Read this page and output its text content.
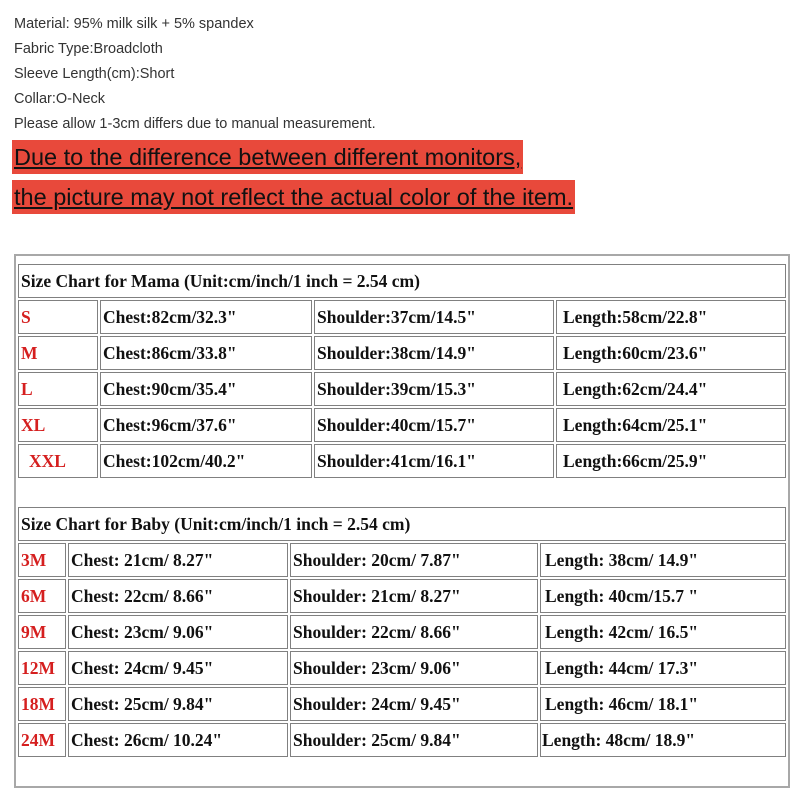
Material: 95% milk silk + 5% spandex
Fabric Type:Broadcloth
Sleeve Length(cm):Short
Collar:O-Neck
Please allow 1-3cm differs due to manual measurement.
Due to the difference between different monitors,
the picture may not reflect the actual color of the item.
Size Chart for Mama (Unit:cm/inch/1 inch = 2.54 cm)			
S	Chest:82cm/32.3"	Shoulder:37cm/14.5"	Length:58cm/22.8"
M	Chest:86cm/33.8"	Shoulder:38cm/14.9"	Length:60cm/23.6"
L	Chest:90cm/35.4"	Shoulder:39cm/15.3"	Length:62cm/24.4"
XL	Chest:96cm/37.6"	Shoulder:40cm/15.7"	Length:64cm/25.1"
XXL	Chest:102cm/40.2"	Shoulder:41cm/16.1"	Length:66cm/25.9"
Size Chart for Baby (Unit:cm/inch/1 inch = 2.54 cm)			
3M	Chest: 21cm/ 8.27"	Shoulder: 20cm/ 7.87"	Length: 38cm/ 14.9"
6M	Chest: 22cm/ 8.66"	Shoulder: 21cm/ 8.27"	Length: 40cm/15.7 "
9M	Chest: 23cm/ 9.06"	Shoulder: 22cm/ 8.66"	Length: 42cm/ 16.5"
12M	Chest: 24cm/ 9.45"	Shoulder: 23cm/ 9.06"	Length: 44cm/ 17.3"
18M	Chest: 25cm/ 9.84"	Shoulder: 24cm/ 9.45"	Length: 46cm/ 18.1"
24M	Chest: 26cm/ 10.24"	Shoulder: 25cm/ 9.84"	Length: 48cm/ 18.9"
